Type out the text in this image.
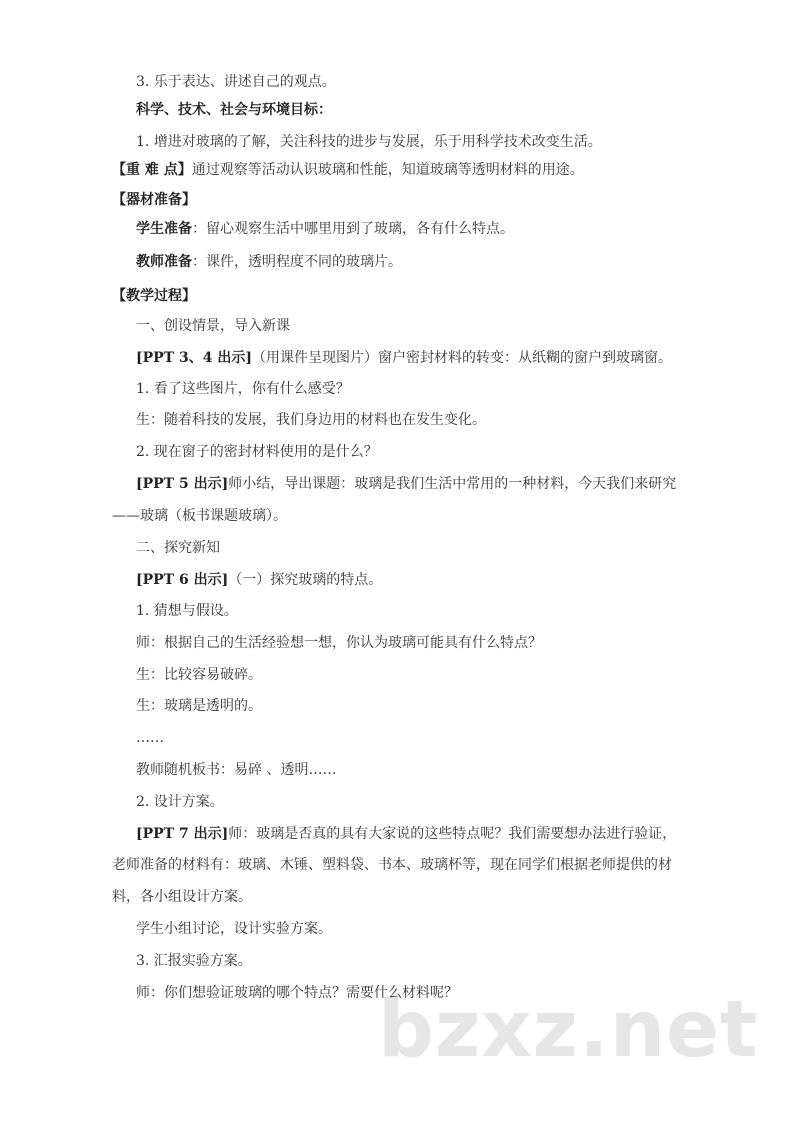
bzxz.net
3. 乐于表达、讲述自己的观点。
科学、技术、社会与环境目标：
1. 增进对玻璃的了解，关注科技的进步与发展，乐于用科学技术改变生活。
【重 难 点】通过观察等活动认识玻璃和性能，知道玻璃等透明材料的用途。
【器材准备】
学生准备：留心观察生活中哪里用到了玻璃，各有什么特点。
教师准备：课件，透明程度不同的玻璃片。
【教学过程】
一、创设情景，导入新课
[PPT 3、4 出示]（用课件呈现图片）窗户密封材料的转变：从纸糊的窗户到玻璃窗。
1. 看了这些图片，你有什么感受？
生：随着科技的发展，我们身边用的材料也在发生变化。
2. 现在窗子的密封材料使用的是什么？
[PPT 5 出示]师小结，导出课题：玻璃是我们生活中常用的一种材料，今天我们来研究
——玻璃（板书课题玻璃）。
二、探究新知
[PPT 6 出示]（一）探究玻璃的特点。
1. 猜想与假设。
师：根据自己的生活经验想一想，你认为玻璃可能具有什么特点？
生：比较容易破碎。
生：玻璃是透明的。
……
教师随机板书：易碎 、透明……
2. 设计方案。
[PPT 7 出示]师：玻璃是否真的具有大家说的这些特点呢？我们需要想办法进行验证，
老师准备的材料有：玻璃、木锤、塑料袋、书本、玻璃杯等，现在同学们根据老师提供的材
料，各小组设计方案。
学生小组讨论，设计实验方案。
3. 汇报实验方案。
师：你们想验证玻璃的哪个特点？需要什么材料呢？
